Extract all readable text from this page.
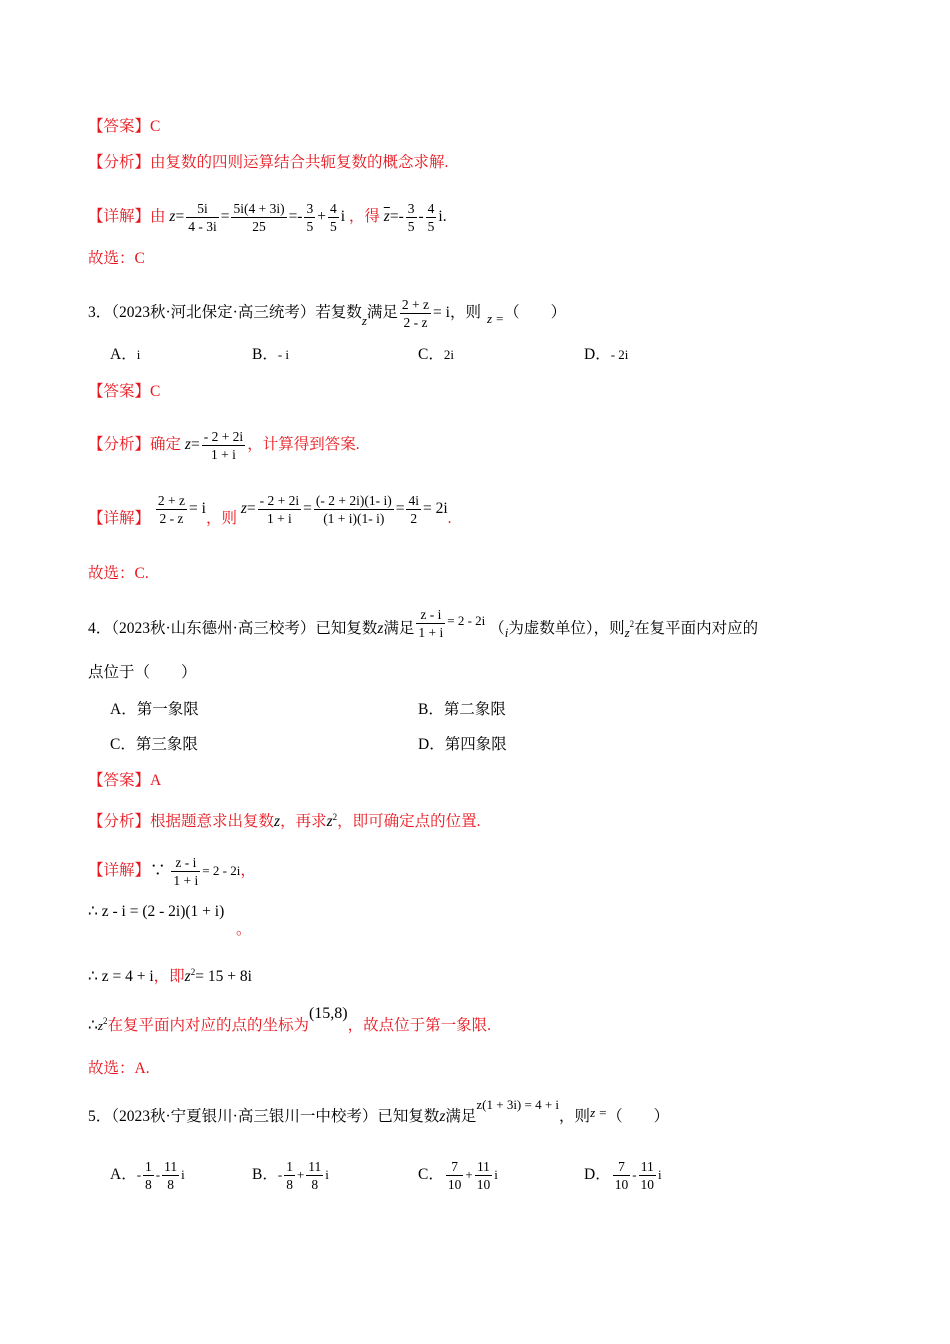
【答案】C
【分析】由复数的四则运算结合共轭复数的概念求解.
【详解】由 $z= \frac{5i}{4 - 3i} = \frac{5i(4 + 3i)}{25} =- \frac{3}{5} + \frac{4}{5}$ i ，得 $\overline{z}=- \frac{3}{5} - \frac{4}{5} i$.
故选：C
3．（2023秋·河北保定·高三统考）若复数$_z$满足 $\frac{2 + z}{2 - z} = i$，则 $_{z =}$（　　）
A．i	B．- i	C．2i	D．- 2i
【答案】C
【分析】确定 $z= \frac{- 2 + 2i}{1 + i}$ ，计算得到答案.
【详解】 $\frac{2 + z}{2 - z} = i$，则 $z= \frac{- 2 + 2i}{1 + i} = \frac{(- 2 + 2i)(1- i)}{(1 + i)(1- i)} = \frac{4i}{2} = 2i$.
故选：C.
4．（2023秋·山东德州·高三校考）已知复数z满足 $\frac{z - i}{1 + i} ^{= 2 - 2i}$ （$_i$为虚数单位），则$_z^2$在复平面内对应的
点位于（　　）
A．第一象限	B．第二象限
C．第三象限	D．第四象限
【答案】A
【分析】根据题意求出复数z，再求$z^2$，即可确定点的位置.
【详解】∵ $\frac{z - i}{1 + i} = 2 - 2i$，
∴ z - i = (2 - 2i)(1 + i)
。
∴ z = 4 + i，即$z^2= 15 + 8i$
$\therefore z^2$在复平面内对应的点的坐标为(15,8)，故点位于第一象限.
故选：A.
5．（2023秋·宁夏银川·高三银川一中校考）已知复数z满足$^{z(1 + 3i) = 4 + i}$，则$^{z =}$（　　）
A．- $\frac{1}{8} - \frac{11}{8}$ i	B．- $\frac{1}{8} + \frac{11}{8}$ i	C． $\frac{7}{10} + \frac{11}{10}$ i	D． $\frac{7}{10} - \frac{11}{10}$ i
